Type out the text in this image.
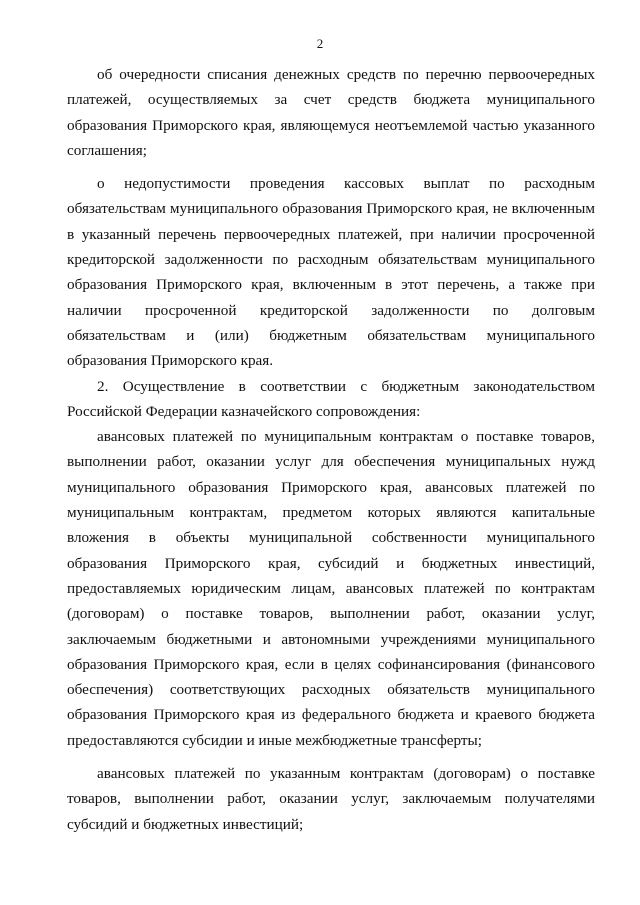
2

об очередности списания денежных средств по перечню первоочередных платежей, осуществляемых за счет средств бюджета муниципального образования Приморского края, являющемуся неотъемлемой частью указанного соглашения;

о недопустимости проведения кассовых выплат по расходным обязательствам муниципального образования Приморского края, не включенным в указанный перечень первоочередных платежей, при наличии просроченной кредиторской задолженности по расходным обязательствам муниципального образования Приморского края, включенным в этот перечень, а также при наличии просроченной кредиторской задолженности по долговым обязательствам и (или) бюджетным обязательствам муниципального образования Приморского края.

2. Осуществление в соответствии с бюджетным законодательством Российской Федерации казначейского сопровождения:

авансовых платежей по муниципальным контрактам о поставке товаров, выполнении работ, оказании услуг для обеспечения муниципальных нужд муниципального образования Приморского края, авансовых платежей по муниципальным контрактам, предметом которых являются капитальные вложения в объекты муниципальной собственности муниципального образования Приморского края, субсидий и бюджетных инвестиций, предоставляемых юридическим лицам, авансовых платежей по контрактам (договорам) о поставке товаров, выполнении работ, оказании услуг, заключаемым бюджетными и автономными учреждениями муниципального образования Приморского края, если в целях софинансирования (финансового обеспечения) соответствующих расходных обязательств муниципального образования Приморского края из федерального бюджета и краевого бюджета предоставляются субсидии и иные межбюджетные трансферты;

авансовых платежей по указанным контрактам (договорам) о поставке товаров, выполнении работ, оказании услуг, заключаемым получателями субсидий и бюджетных инвестиций;
